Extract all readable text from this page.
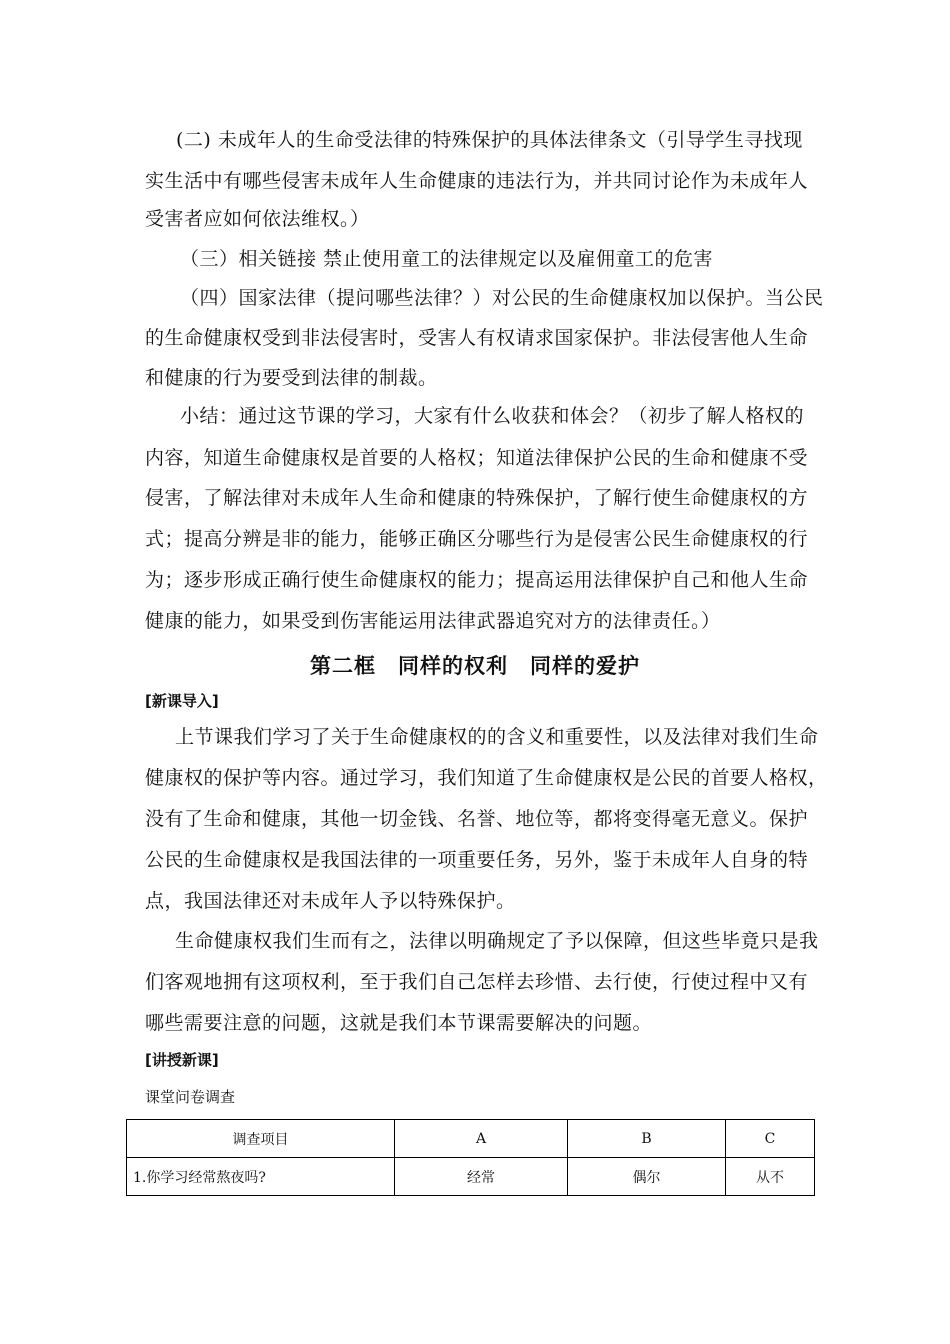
(二) 未成年人的生命受法律的特殊保护的具体法律条文（引导学生寻找现
实生活中有哪些侵害未成年人生命健康的违法行为，并共同讨论作为未成年人
受害者应如何依法维权。）
（三）相关链接 禁止使用童工的法律规定以及雇佣童工的危害
（四）国家法律（提问哪些法律？）对公民的生命健康权加以保护。当公民
的生命健康权受到非法侵害时，受害人有权请求国家保护。非法侵害他人生命
和健康的行为要受到法律的制裁。
小结：通过这节课的学习，大家有什么收获和体会？（初步了解人格权的
内容，知道生命健康权是首要的人格权；知道法律保护公民的生命和健康不受
侵害，了解法律对未成年人生命和健康的特殊保护，了解行使生命健康权的方
式；提高分辨是非的能力，能够正确区分哪些行为是侵害公民生命健康权的行
为；逐步形成正确行使生命健康权的能力；提高运用法律保护自己和他人生命
健康的能力，如果受到伤害能运用法律武器追究对方的法律责任。）
第二框　同样的权利　同样的爱护
[新课导入]
上节课我们学习了关于生命健康权的的含义和重要性，以及法律对我们生命
健康权的保护等内容。通过学习，我们知道了生命健康权是公民的首要人格权，
没有了生命和健康，其他一切金钱、名誉、地位等，都将变得毫无意义。保护
公民的生命健康权是我国法律的一项重要任务，另外，鉴于未成年人自身的特
点，我国法律还对未成年人予以特殊保护。
生命健康权我们生而有之，法律以明确规定了予以保障，但这些毕竟只是我
们客观地拥有这项权利，至于我们自己怎样去珍惜、去行使，行使过程中又有
哪些需要注意的问题，这就是我们本节课需要解决的问题。
[讲授新课]
课堂问卷调查
调查项目	A	B	C
1.你学习经常熬夜吗?	经常	偶尔	从不
